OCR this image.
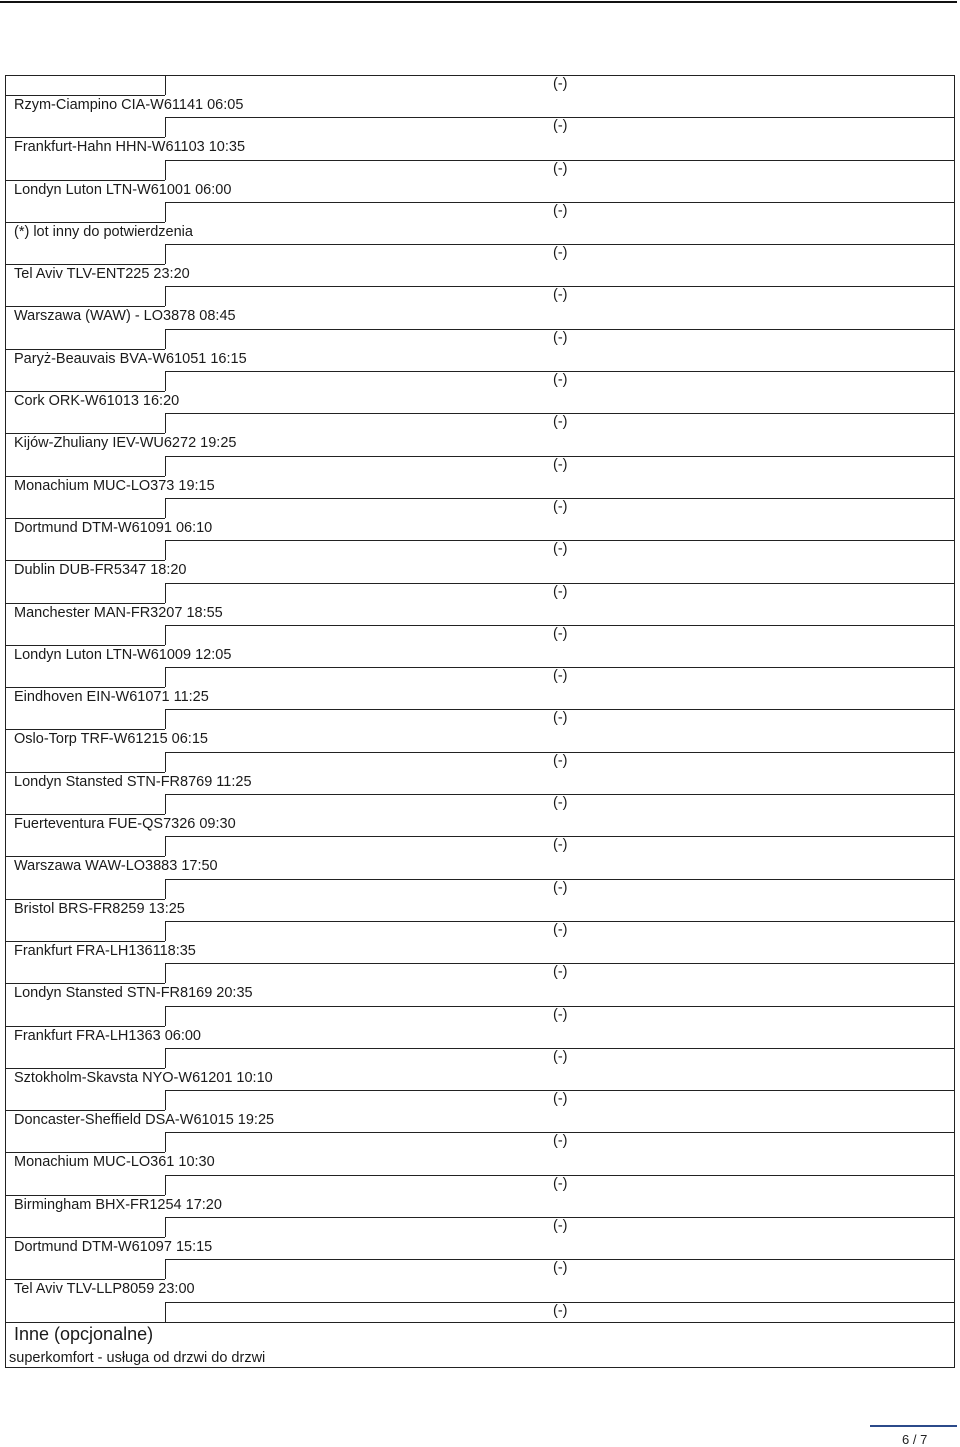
(-)
Rzym-Ciampino CIA-W61141 06:05
(-)
Frankfurt-Hahn HHN-W61103 10:35
(-)
Londyn Luton LTN-W61001 06:00
(-)
(*) lot inny do potwierdzenia
(-)
Tel Aviv TLV-ENT225 23:20
(-)
Warszawa (WAW) - LO3878 08:45
(-)
Paryż-Beauvais BVA-W61051 16:15
(-)
Cork ORK-W61013 16:20
(-)
Kijów-Zhuliany IEV-WU6272 19:25
(-)
Monachium MUC-LO373 19:15
(-)
Dortmund DTM-W61091 06:10
(-)
Dublin DUB-FR5347 18:20
(-)
Manchester MAN-FR3207 18:55
(-)
Londyn Luton LTN-W61009 12:05
(-)
Eindhoven EIN-W61071 11:25
(-)
Oslo-Torp TRF-W61215 06:15
(-)
Londyn Stansted STN-FR8769 11:25
(-)
Fuerteventura FUE-QS7326 09:30
(-)
Warszawa WAW-LO3883 17:50
(-)
Bristol BRS-FR8259 13:25
(-)
Frankfurt FRA-LH136118:35
(-)
Londyn Stansted STN-FR8169 20:35
(-)
Frankfurt FRA-LH1363 06:00
(-)
Sztokholm-Skavsta NYO-W61201 10:10
(-)
Doncaster-Sheffield DSA-W61015 19:25
(-)
Monachium MUC-LO361 10:30
(-)
Birmingham BHX-FR1254 17:20
(-)
Dortmund DTM-W61097 15:15
(-)
Tel Aviv TLV-LLP8059 23:00
(-)
Inne (opcjonalne)
superkomfort - usługa od drzwi do drzwi
6 / 7
